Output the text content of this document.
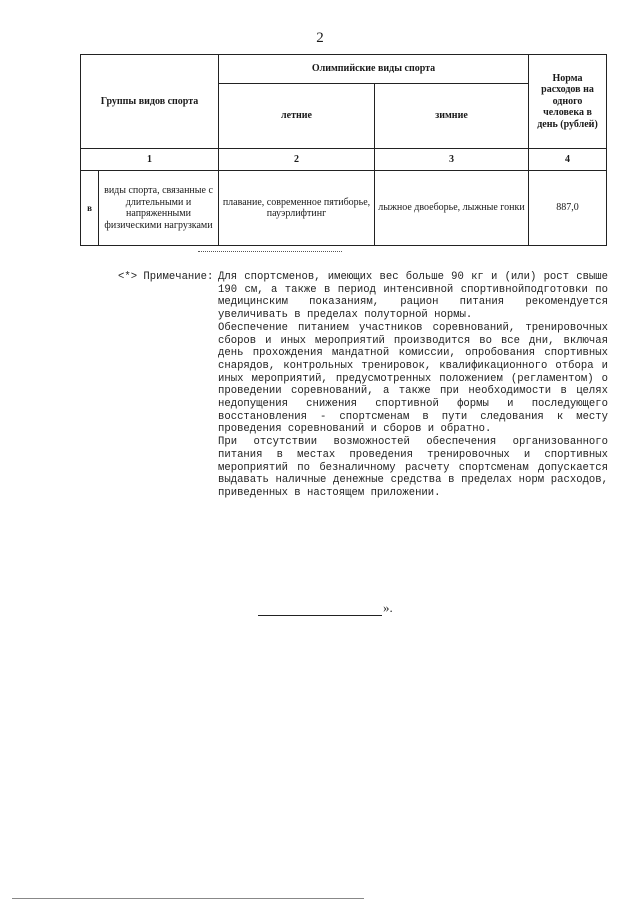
2
Группы видов спорта		Олимпийские виды спорта		Норма расходов на одного человека в день (рублей)
		летние	зимние	
1		2	3	4
в	виды спорта, связанные с длительными и напряженными физическими нагрузками	плавание, современное пятиборье, пауэрлифтинг	лыжное двоеборье, лыжные гонки	887,0
<*> Примечание: Для спортсменов, имеющих вес больше 90 кг и (или) рост свыше 190 см, а также в период интенсивной спортивнойподготовки по медицинским показаниям, рацион питания рекомендуется увеличивать в пределах полуторной нормы.

Обеспечение питанием участников соревнований, тренировочных сборов и иных мероприятий производится во все дни, включая день прохождения мандатной комиссии, опробования спортивных снарядов, контрольных тренировок, квалификационного отбора и иных мероприятий, предусмотренных положением (регламентом) о проведении соревнований, а также при необходимости в целях недопущения снижения спортивной формы и последующего восстановления - спортсменам в пути следования к месту проведения соревнований и сборов и обратно.

При отсутствии возможностей обеспечения организованного питания в местах проведения тренировочных и спортивных мероприятий по безналичному расчету спортсменам допускается выдавать наличные денежные средства в пределах норм расходов, приведенных в настоящем приложении.

».
